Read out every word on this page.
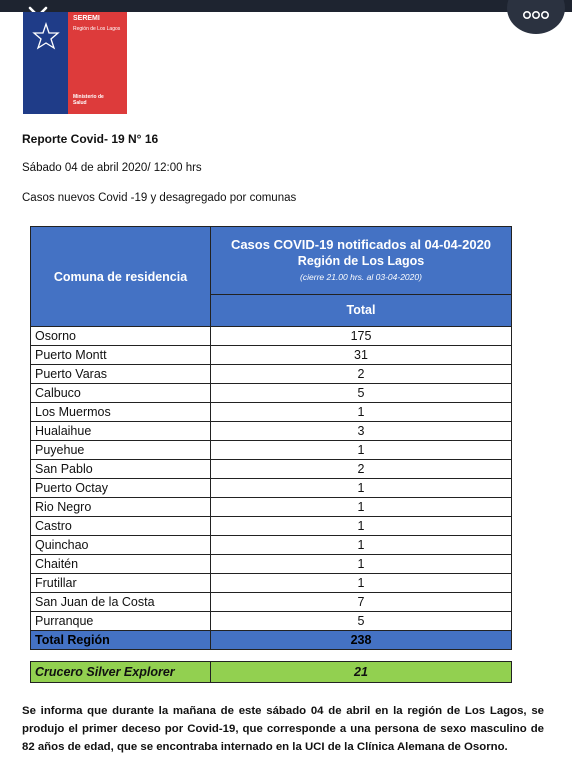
SEREMI
Región de Los Lagos
Ministerio de
Salud
Reporte Covid- 19 N° 16
Sábado 04 de abril 2020/ 12:00 hrs
Casos nuevos Covid -19 y desagregado por comunas
Comuna de residencia	Casos COVID-19 notificados al 04-04-2020
Región de Los Lagos
(cierre 21.00 hrs. al 03-04-2020)

	Total
Osorno	175
Puerto Montt	31
Puerto Varas	2
Calbuco	5
Los Muermos	1
Hualaihue	3
Puyehue	1
San Pablo	2
Puerto Octay	1
Rio Negro	1
Castro	1
Quinchao	1
Chaitén	1
Frutillar	1
San Juan de la Costa	7
Purranque	5
Total Región	238
Crucero Silver Explorer	21
Se informa que durante la mañana de este sábado 04 de abril en la región de Los Lagos, se produjo el primer deceso por Covid-19, que corresponde a una persona de sexo masculino de 82 años de edad, que se encontraba internado en la UCI de la Clínica Alemana de Osorno.
